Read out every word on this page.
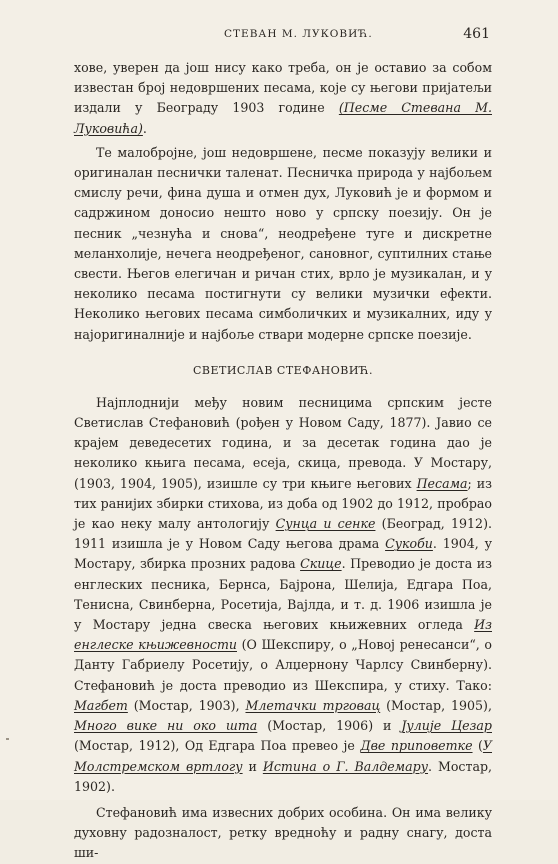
СТЕВАН М. ЛУКОВИЋ.	461

хове, уверен да још нису како треба, он је оставио за собом известан број недовршених песама, које су његови пријатељи издали у Београду 1903 године (Песме Стевана М. Луковића).

Те малобројне, још недовршене, песме показују велики и оригиналан песнички таленат. Песничка природа у најбољем смислу речи, фина душа и отмен дух, Луковић је и формом и садржином доносио нешто ново у српску поезију. Он је песник „чезнућа и снова“, неодређене туге и дискретне меланхолије, нечега неодређеног, сановног, суптилних стање свести. Његов елегичан и ричан стих, врло је музикалан, и у неколико песама постигнути су велики музички ефекти. Неколико његових песама симболичких и музикалних, иду у најоригиналније и најбоље ствари модерне српске поезије.

СВЕТИСЛАВ СТЕФАНОВИЋ.

Најплоднији међу новим песницима српским јесте Светислав Стефановић (рођен у Новом Саду, 1877). Јавио се крајем деведесетих година, и за десетак година дао је неколико књига песама, есеја, скица, превода. У Мостару, (1903, 1904, 1905), изишле су три књиге његових Песама; из тих ранијих збирки стихова, из доба од 1902 до 1912, пробрао је као неку малу антологију Сунца и сенке (Београд, 1912). 1911 изишла је у Новом Саду његова драма Сукоби. 1904, у Мостару, збирка прозних радова Скице. Преводио је доста из енглеских песника, Бернса, Бајрона, Шелија, Едгара Поа, Тенисна, Свинберна, Росетија, Вајлда, и т. д. 1906 изишла је у Мостару једна свеска његових књижевних огледа Из енглеске књижевности (О Шекспиру, о „Новој ренесанси“, о Данту Габриелу Росетију, о Алџернону Чарлсу Свинберну). Стефановић је доста преводио из Шекспира, у стиху. Тако: Магбет (Мостар, 1903), Млетачки трговац (Мостар, 1905), Много вике ни око шта (Мостар, 1906) и Јулије Цезар (Мостар, 1912), Од Едгара Поа превео је Две приповетке (У Молстремском вртлогу и Истина о Г. Валдемару. Мостар, 1902).

Стефановић има извесних добрих особина. Он има велику духовну радозналост, ретку вредноћу и радну снагу, доста ши-
